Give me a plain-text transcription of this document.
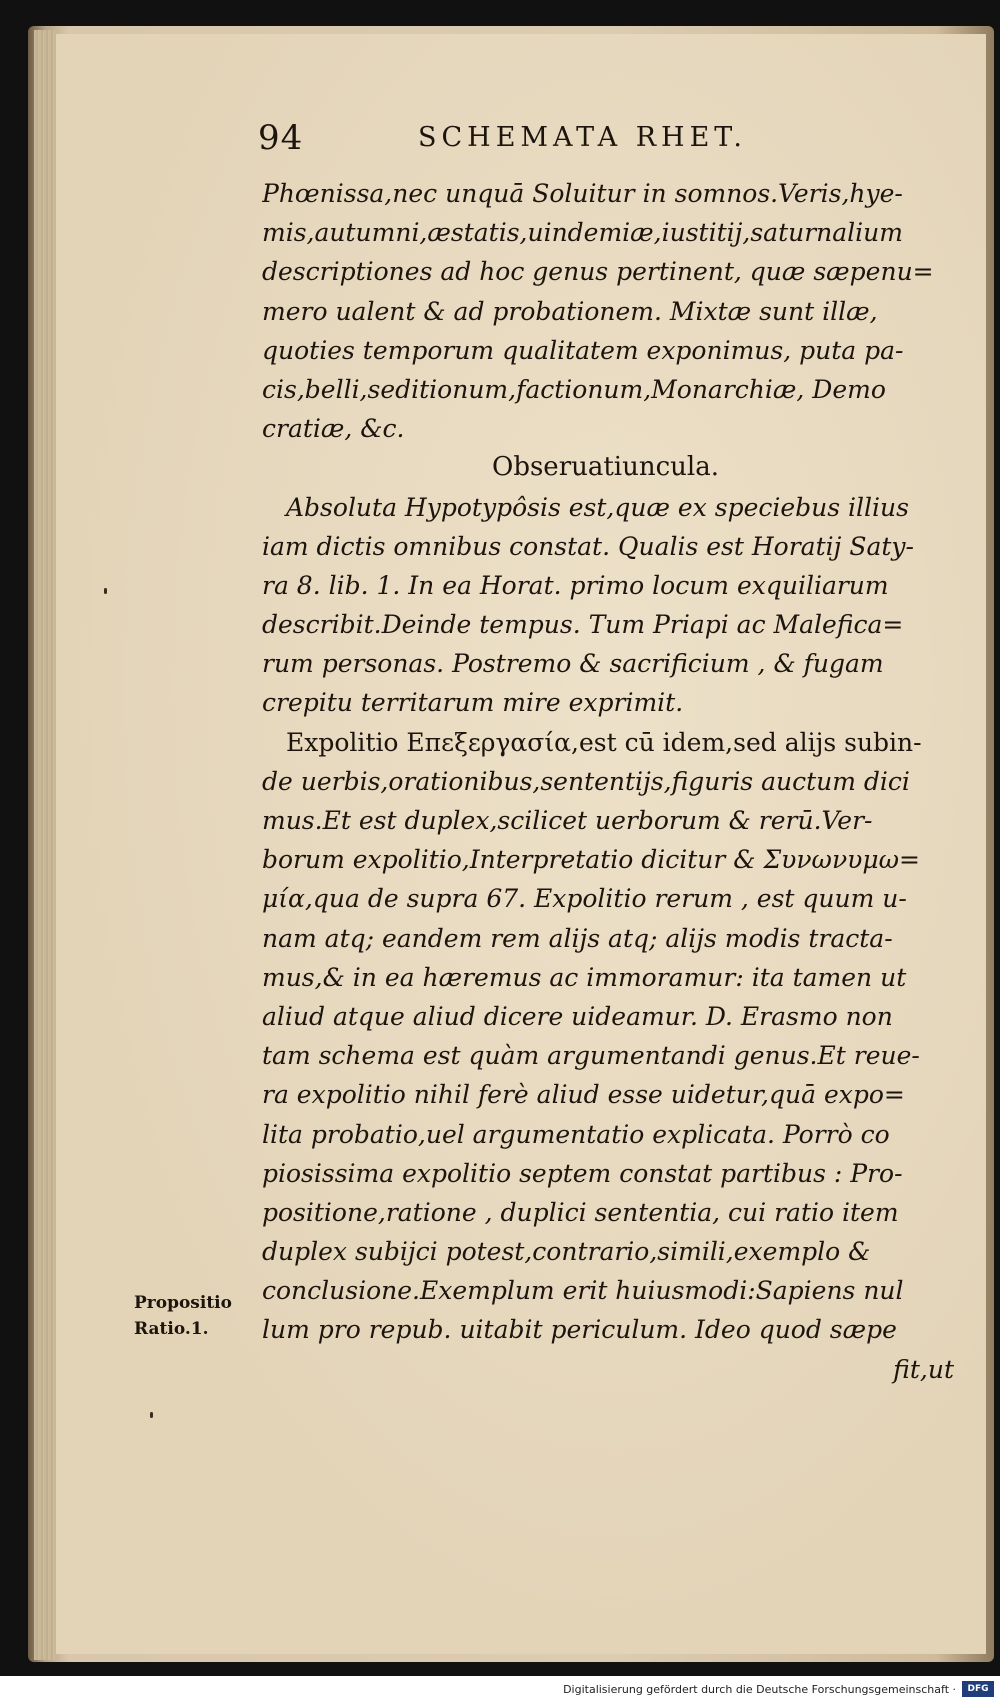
94	SCHEMATA RHET.
Phœnissa,nec unquā Soluitur in somnos.Veris,hye-
mis,autumni,æstatis,uindemiæ,iustitij,saturnalium
descriptiones ad hoc genus pertinent, quæ sæpenu=
mero ualent & ad probationem. Mixtæ sunt illæ,
quoties temporum qualitatem exponimus, puta pa-
cis,belli,seditionum,factionum,Monarchiæ, Demo
cratiæ, &c.
Obseruatiuncula.
Absoluta Hypotypôsis est,quæ ex speciebus illius
iam dictis omnibus constat. Qualis est Horatij Saty-
ra 8. lib. 1. In ea Horat. primo locum exquiliarum
describit.Deinde tempus. Tum Priapi ac Malefica=
rum personas. Postremo & sacrificium , & fugam
crepitu territarum mire exprimit.
Expolitio Επεξεργασία,est cū idem,sed alijs subin-
de uerbis,orationibus,sententijs,figuris auctum dici
mus.Et est duplex,scilicet uerborum & rerū.Ver-
borum expolitio,Interpretatio dicitur & Συνωνυμω=
μία,qua de supra 67. Expolitio rerum , est quum u-
nam atq; eandem rem alijs atq; alijs modis tracta-
mus,& in ea hæremus ac immoramur: ita tamen ut
aliud atque aliud dicere uideamur. D. Erasmo non
tam schema est quàm argumentandi genus.Et reue-
ra expolitio nihil ferè aliud esse uidetur,quā expo=
lita probatio,uel argumentatio explicata. Porrò co
piosissima expolitio septem constat partibus : Pro-
positione,ratione , duplici sententia, cui ratio item
duplex subijci potest,contrario,simili,exemplo &
conclusione.Exemplum erit huiusmodi:Sapiens nul
lum pro repub. uitabit periculum. Ideo quod sæpe
fit,ut
Propositio
Ratio.1.
Digitalisierung gefördert durch die Deutsche Forschungsgemeinschaft ·	DFG
